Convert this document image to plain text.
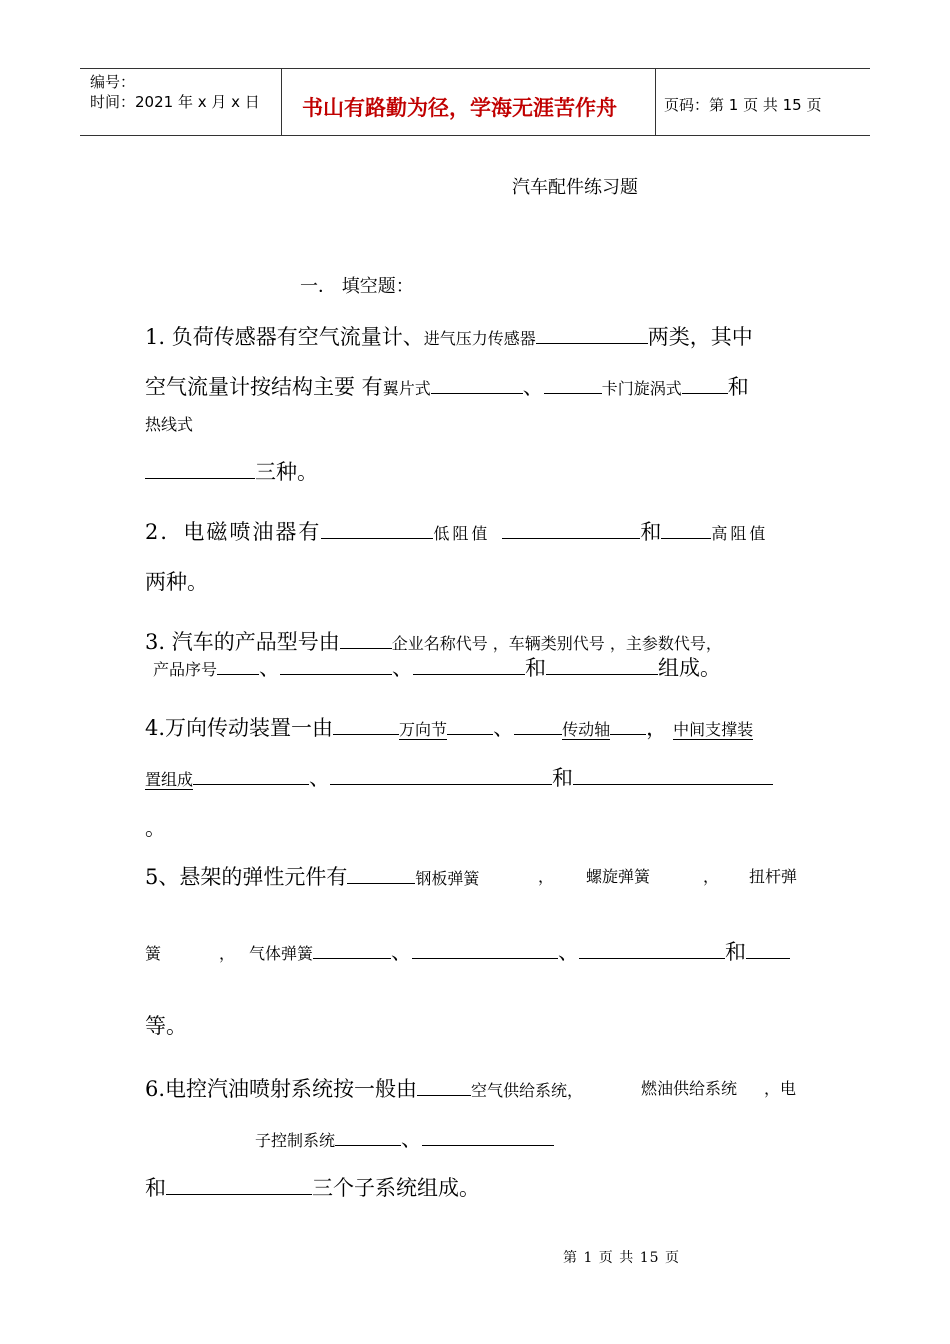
编号：
时间：2021 年 x 月 x 日 书山有路勤为径，学海无涯苦作舟	页码：第 1 页 共 15 页
汽车配件练习题
一． 填空题：
1. 负荷传感器有空气流量计、进气压力传感器	两类，其中
空气流量计按结构主要 有翼片式	、	卡门旋涡式 和
热线式
三种。
2．电磁喷油器有	低阻值	和	高阻值
两种。
3. 汽车的产品型号由	企业名称代号 ，车辆类别代号 ，主参数代号，
产品序号 、	、	和	组成。
4.万向传动装置一由	万向节 、	传动轴 ， 中间支撑装
置组成	、	和
。
5、悬架的弹性元件有	钢板弹簧	， 螺旋弹簧	， 扭杆弹
簧	， 气体弹簧	、	、	和
等。
6.电控汽油喷射系统按一般由	空气供给系统，	燃油供给系统 ，电
子控制系统	、
和	三个子系统组成。
第 1 页 共 15 页
